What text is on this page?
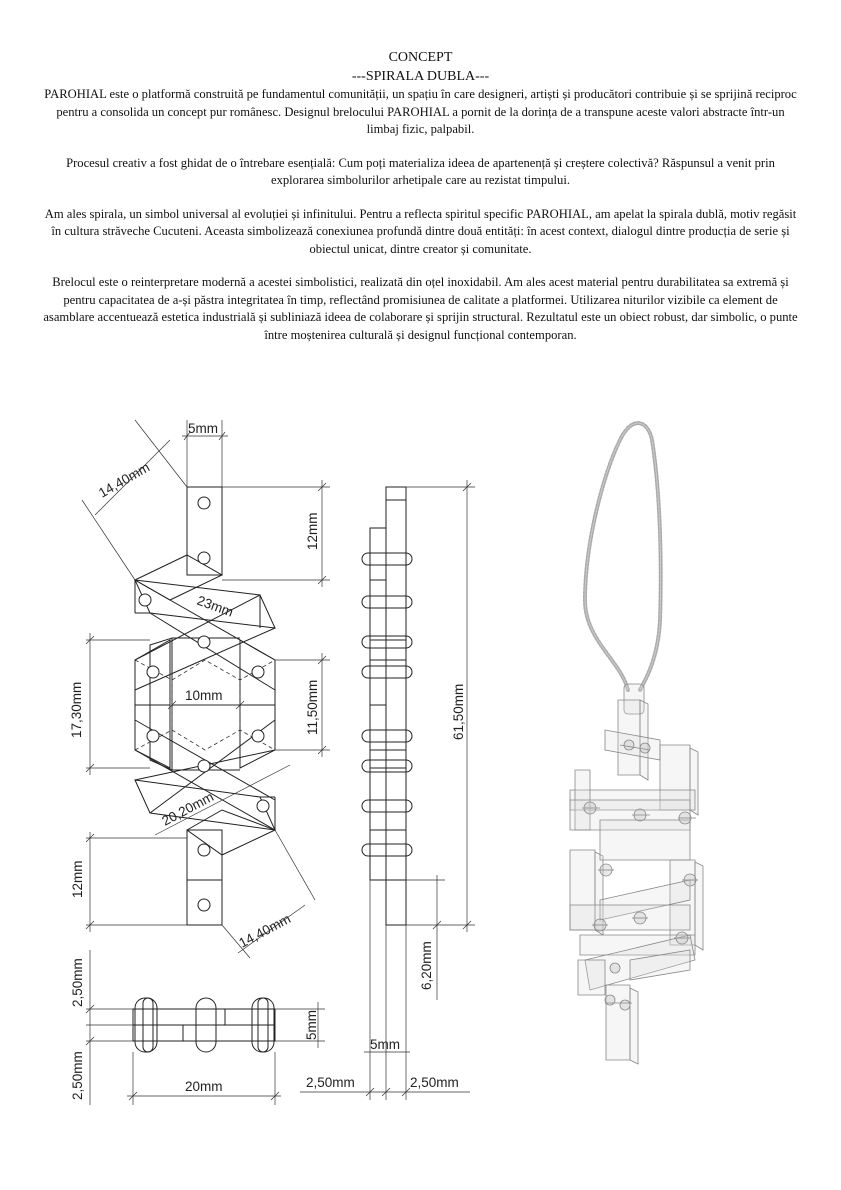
CONCEPT
---SPIRALA DUBLA---

PAROHIAL este o platformă construită pe fundamentul comunității, un spațiu în care designeri, artiști și producători contribuie și se sprijină reciproc pentru a consolida un concept pur românesc. Designul brelocului PAROHIAL a pornit de la dorința de a transpune aceste valori abstracte într-un limbaj fizic, palpabil.

Procesul creativ a fost ghidat de o întrebare esențială: Cum poți materializa ideea de apartenență și creștere colectivă? Răspunsul a venit prin explorarea simbolurilor arhetipale care au rezistat timpului.

Am ales spirala, un simbol universal al evoluției și infinitului. Pentru a reflecta spiritul specific PAROHIAL, am apelat la spirala dublă, motiv regăsit în cultura străveche Cucuteni. Aceasta simbolizează conexiunea profundă dintre două entități: în acest context, dialogul dintre producția de serie și obiectul unicat, dintre creator și comunitate.

Brelocul este o reinterpretare modernă a acestei simbolistici, realizată din oțel inoxidabil. Am ales acest material pentru durabilitatea sa extremă și pentru capacitatea de a-și păstra integritatea în timp, reflectând promisiunea de calitate a platformei. Utilizarea niturilor vizibile ca element de asamblare accentuează estetica industrială și subliniază ideea de colaborare și sprijin structural. Rezultatul este un obiect robust, dar simbolic, o punte între moștenirea culturală și designul funcțional contemporan.

5mm
14,40mm
12mm
23mm
17,30mm	10mm	11,50mm
20,20mm
12mm
14,40mm
61,50mm
6,20mm
5mm
2,50mm	2,50mm
2,50mm
2,50mm
5mm
20mm
